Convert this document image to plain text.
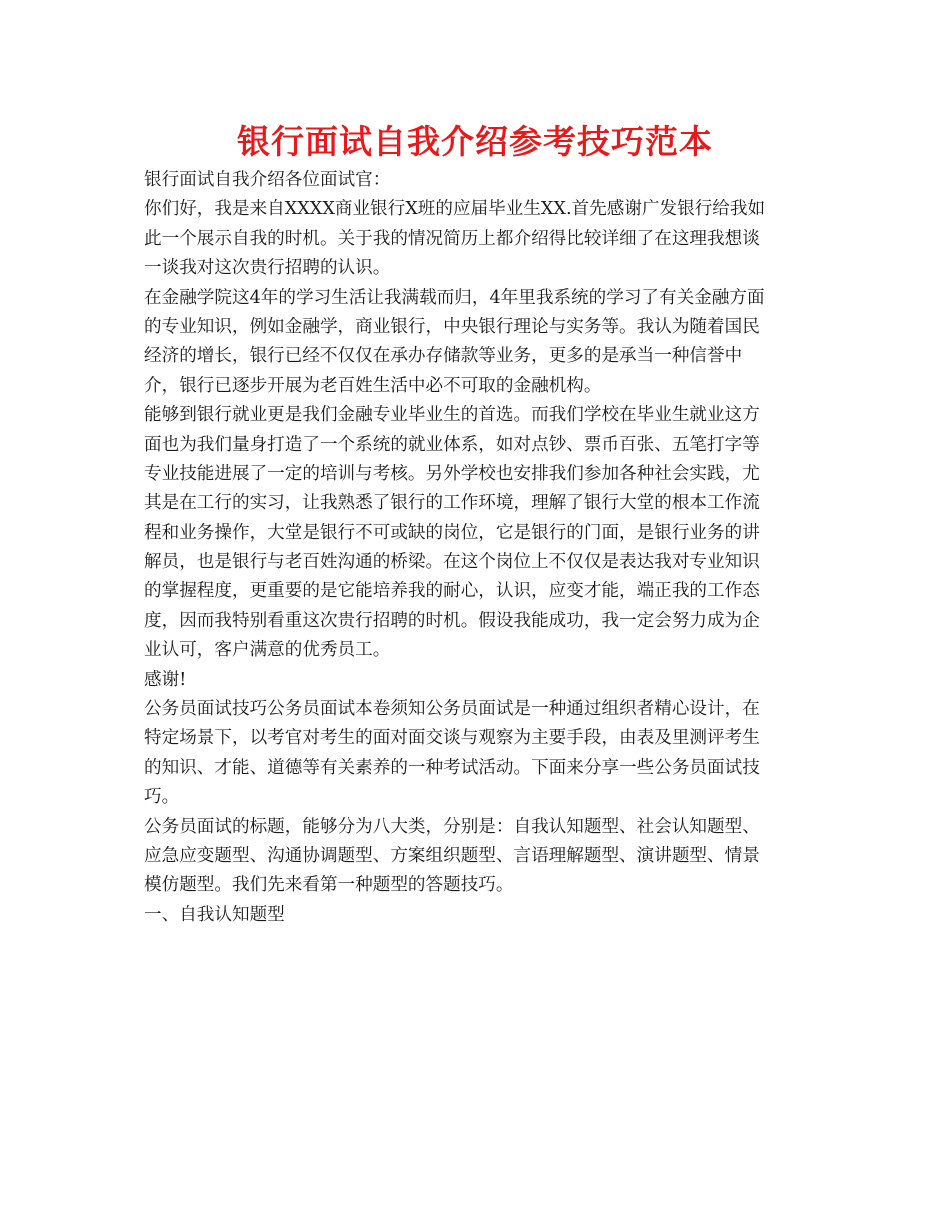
银行面试自我介绍参考技巧范本
银行面试自我介绍各位面试官：
你们好，我是来自XXXX商业银行X班的应届毕业生XX.首先感谢广发银行给我如
此一个展示自我的时机。关于我的情况简历上都介绍得比较详细了在这理我想谈
一谈我对这次贵行招聘的认识。
在金融学院这4年的学习生活让我满载而归，4年里我系统的学习了有关金融方面
的专业知识，例如金融学，商业银行，中央银行理论与实务等。我认为随着国民
经济的增长，银行已经不仅仅在承办存储款等业务，更多的是承当一种信誉中
介，银行已逐步开展为老百姓生活中必不可取的金融机构。
能够到银行就业更是我们金融专业毕业生的首选。而我们学校在毕业生就业这方
面也为我们量身打造了一个系统的就业体系，如对点钞、票币百张、五笔打字等
专业技能进展了一定的培训与考核。另外学校也安排我们参加各种社会实践，尤
其是在工行的实习，让我熟悉了银行的工作环境，理解了银行大堂的根本工作流
程和业务操作，大堂是银行不可或缺的岗位，它是银行的门面，是银行业务的讲
解员，也是银行与老百姓沟通的桥梁。在这个岗位上不仅仅是表达我对专业知识
的掌握程度，更重要的是它能培养我的耐心，认识，应变才能，端正我的工作态
度，因而我特别看重这次贵行招聘的时机。假设我能成功，我一定会努力成为企
业认可，客户满意的优秀员工。
感谢!
公务员面试技巧公务员面试本卷须知公务员面试是一种通过组织者精心设计，在
特定场景下，以考官对考生的面对面交谈与观察为主要手段，由表及里测评考生
的知识、才能、道德等有关素养的一种考试活动。下面来分享一些公务员面试技
巧。
公务员面试的标题，能够分为八大类，分别是：自我认知题型、社会认知题型、
应急应变题型、沟通协调题型、方案组织题型、言语理解题型、演讲题型、情景
模仿题型。我们先来看第一种题型的答题技巧。
一、自我认知题型
